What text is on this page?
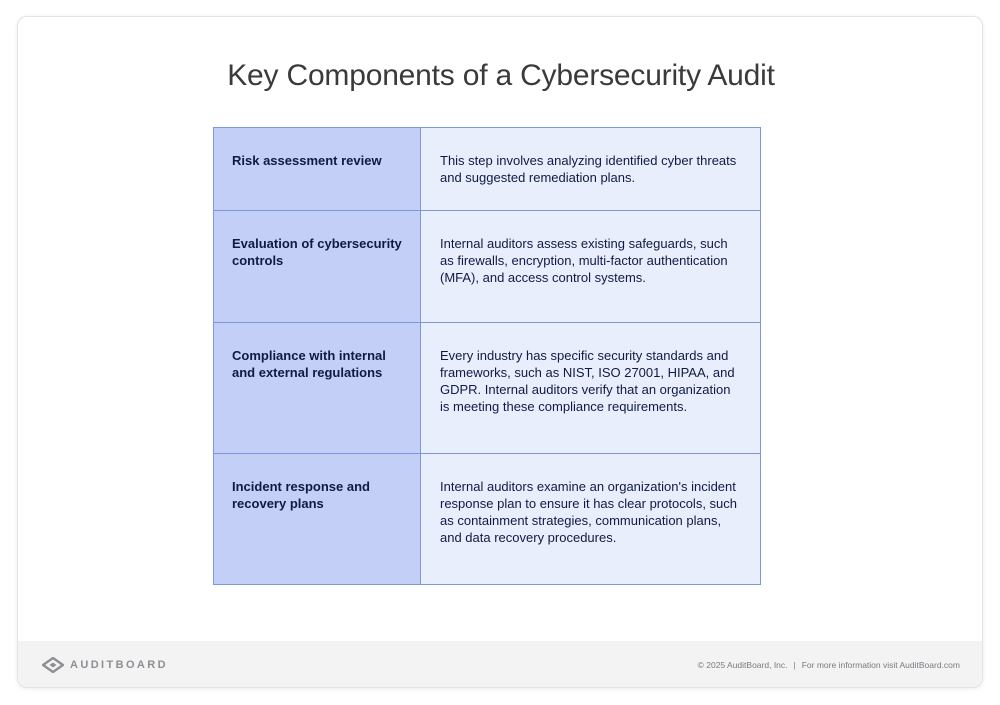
Key Components of a Cybersecurity Audit
Risk assessment review	This step involves analyzing identified cyber threats and suggested remediation plans.
Evaluation of cybersecurity controls	Internal auditors assess existing safeguards, such as firewalls, encryption, multi-factor authentication (MFA), and access control systems.
Compliance with internal and external regulations	Every industry has specific security standards and frameworks, such as NIST, ISO 27001, HIPAA, and GDPR. Internal auditors verify that an organization is meeting these compliance requirements.
Incident response and recovery plans	Internal auditors examine an organization's incident response plan to ensure it has clear protocols, such as containment strategies, communication plans, and data recovery procedures.
AUDITBOARD	© 2025 AuditBoard, Inc. | For more information visit AuditBoard.com
